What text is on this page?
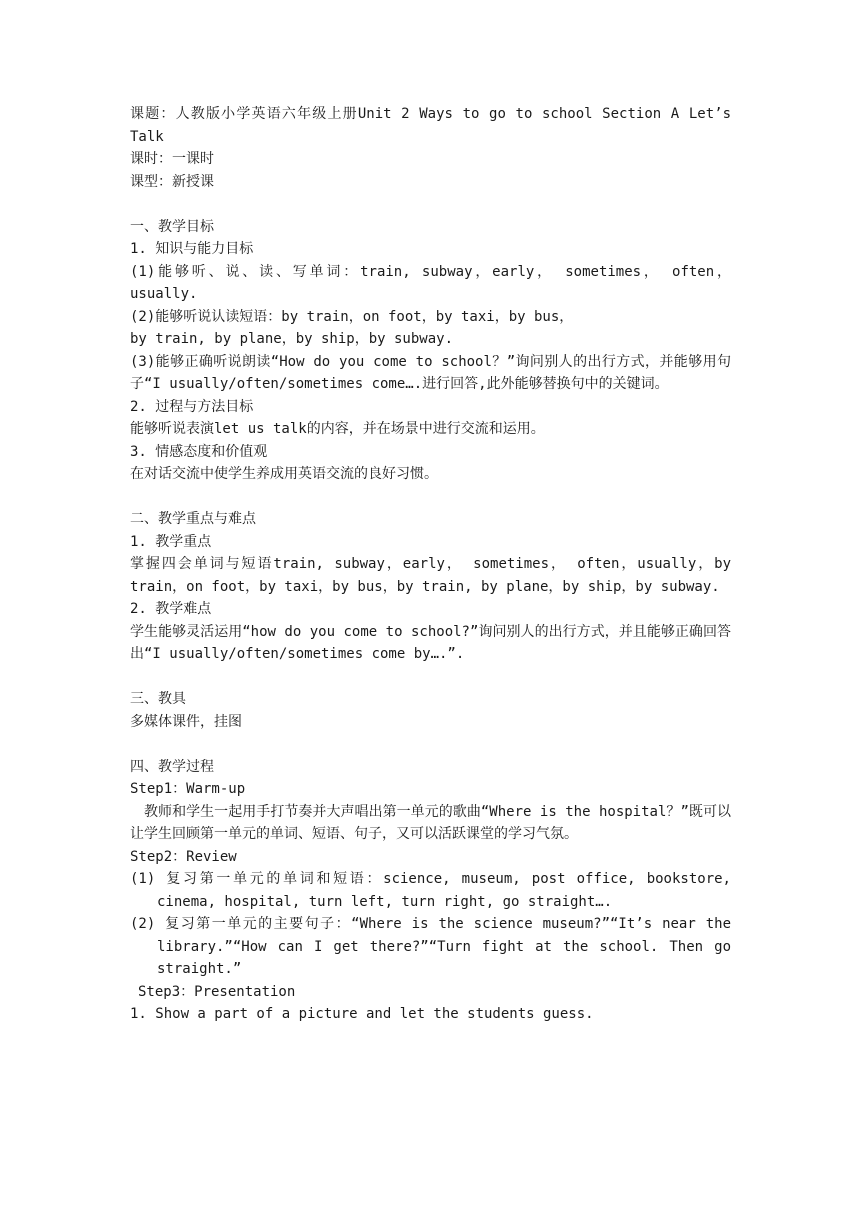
课题：人教版小学英语六年级上册Unit 2 Ways to go to school Section A Let’s Talk

课时：一课时

课型：新授课

一、教学目标

1. 知识与能力目标

(1)能够听、说、读、写单词：train, subway，early， sometimes， often，usually.

(2)能够听说认读短语：by train，on foot，by taxi，by bus，

by train, by plane，by ship，by subway.

(3)能够正确听说朗读“How do you come to school？”询问别人的出行方式，并能够用句子“I usually/often/sometimes come….进行回答,此外能够替换句中的关键词。

2. 过程与方法目标

能够听说表演let us talk的内容，并在场景中进行交流和运用。

3. 情感态度和价值观

在对话交流中使学生养成用英语交流的良好习惯。

二、教学重点与难点

1. 教学重点

掌握四会单词与短语train, subway，early， sometimes， often，usually，by train，on foot，by taxi，by bus，by train, by plane，by ship，by subway.

2. 教学难点

学生能够灵活运用“how do you come to school?”询问别人的出行方式，并且能够正确回答出“I usually/often/sometimes come by….”.

三、教具

多媒体课件，挂图

四、教学过程

Step1：Warm-up

教师和学生一起用手打节奏并大声唱出第一单元的歌曲“Where is the hospital？”既可以让学生回顾第一单元的单词、短语、句子，又可以活跃课堂的学习气氛。

Step2：Review

(1) 复习第一单元的单词和短语：science, museum, post office, bookstore, cinema, hospital, turn left, turn right, go straight….

(2) 复习第一单元的主要句子：“Where is the science museum?”“It’s near the library.”“How can I get there?”“Turn fight at the school. Then go straight.”

Step3：Presentation

1. Show a part of a picture and let the students guess.
